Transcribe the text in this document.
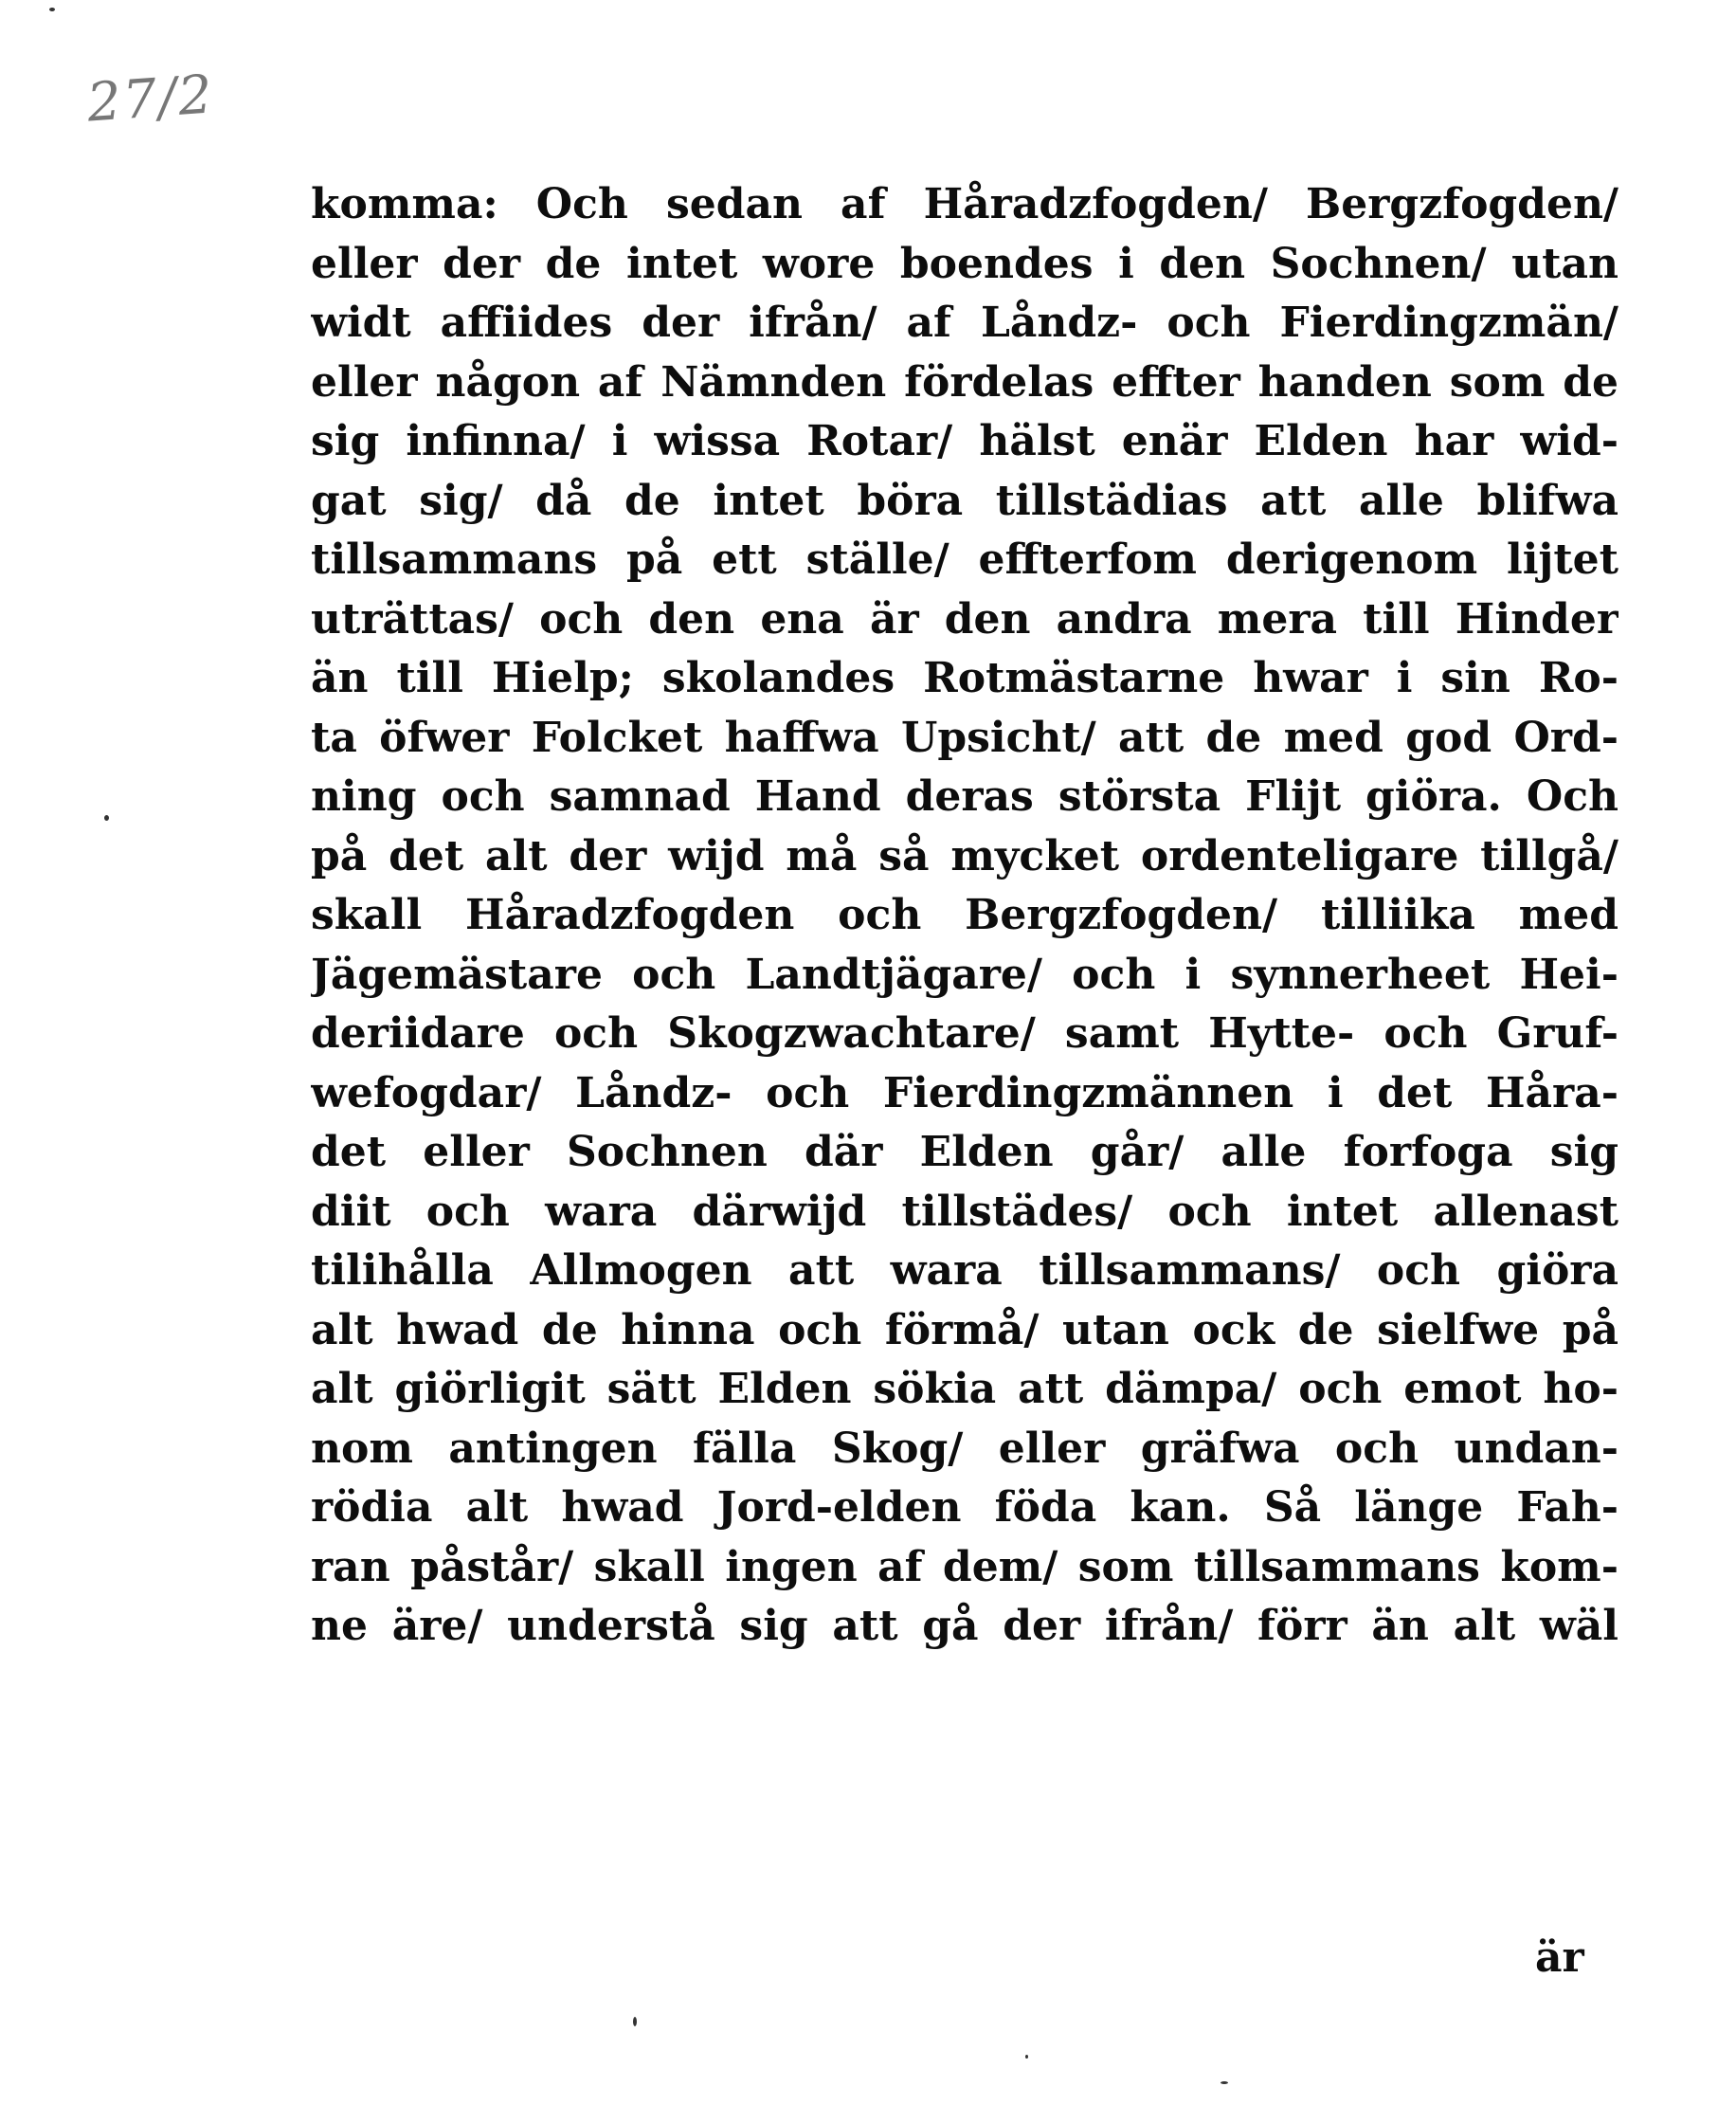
27/2
komma: Och sedan af Håradzfogden/ Bergzfogden/
eller der de intet wore boendes i den Sochnen/ utan
widt affiides der ifrån/ af Låndz- och Fierdingzmän/
eller någon af Nämnden fördelas effter handen som de
sig infinna/ i wissa Rotar/ hälst enär Elden har wid-
gat sig/ då de intet böra tillstädias att alle blifwa
tillsammans på ett ställe/ effterfom derigenom lijtet
uträttas/ och den ena är den andra mera till Hinder
än till Hielp; skolandes Rotmästarne hwar i sin Ro-
ta öfwer Folcket haffwa Upsicht/ att de med god Ord-
ning och samnad Hand deras största Flijt giöra. Och
på det alt der wijd må så mycket ordenteligare tillgå/
skall Håradzfogden och Bergzfogden/ tilliika med
Jägemästare och Landtjägare/ och i synnerheet Hei-
deriidare och Skogzwachtare/ samt Hytte- och Gruf-
wefogdar/ Låndz- och Fierdingzmännen i det Håra-
det eller Sochnen där Elden går/ alle forfoga sig
diit och wara därwijd tillstädes/ och intet allenast
tilihålla Allmogen att wara tillsammans/ och giöra
alt hwad de hinna och förmå/ utan ock de sielfwe på
alt giörligit sätt Elden sökia att dämpa/ och emot ho-
nom antingen fälla Skog/ eller gräfwa och undan-
rödia alt hwad Jord-elden föda kan. Så länge Fah-
ran påstår/ skall ingen af dem/ som tillsammans kom-
ne äre/ understå sig att gå der ifrån/ förr än alt wäl
är
